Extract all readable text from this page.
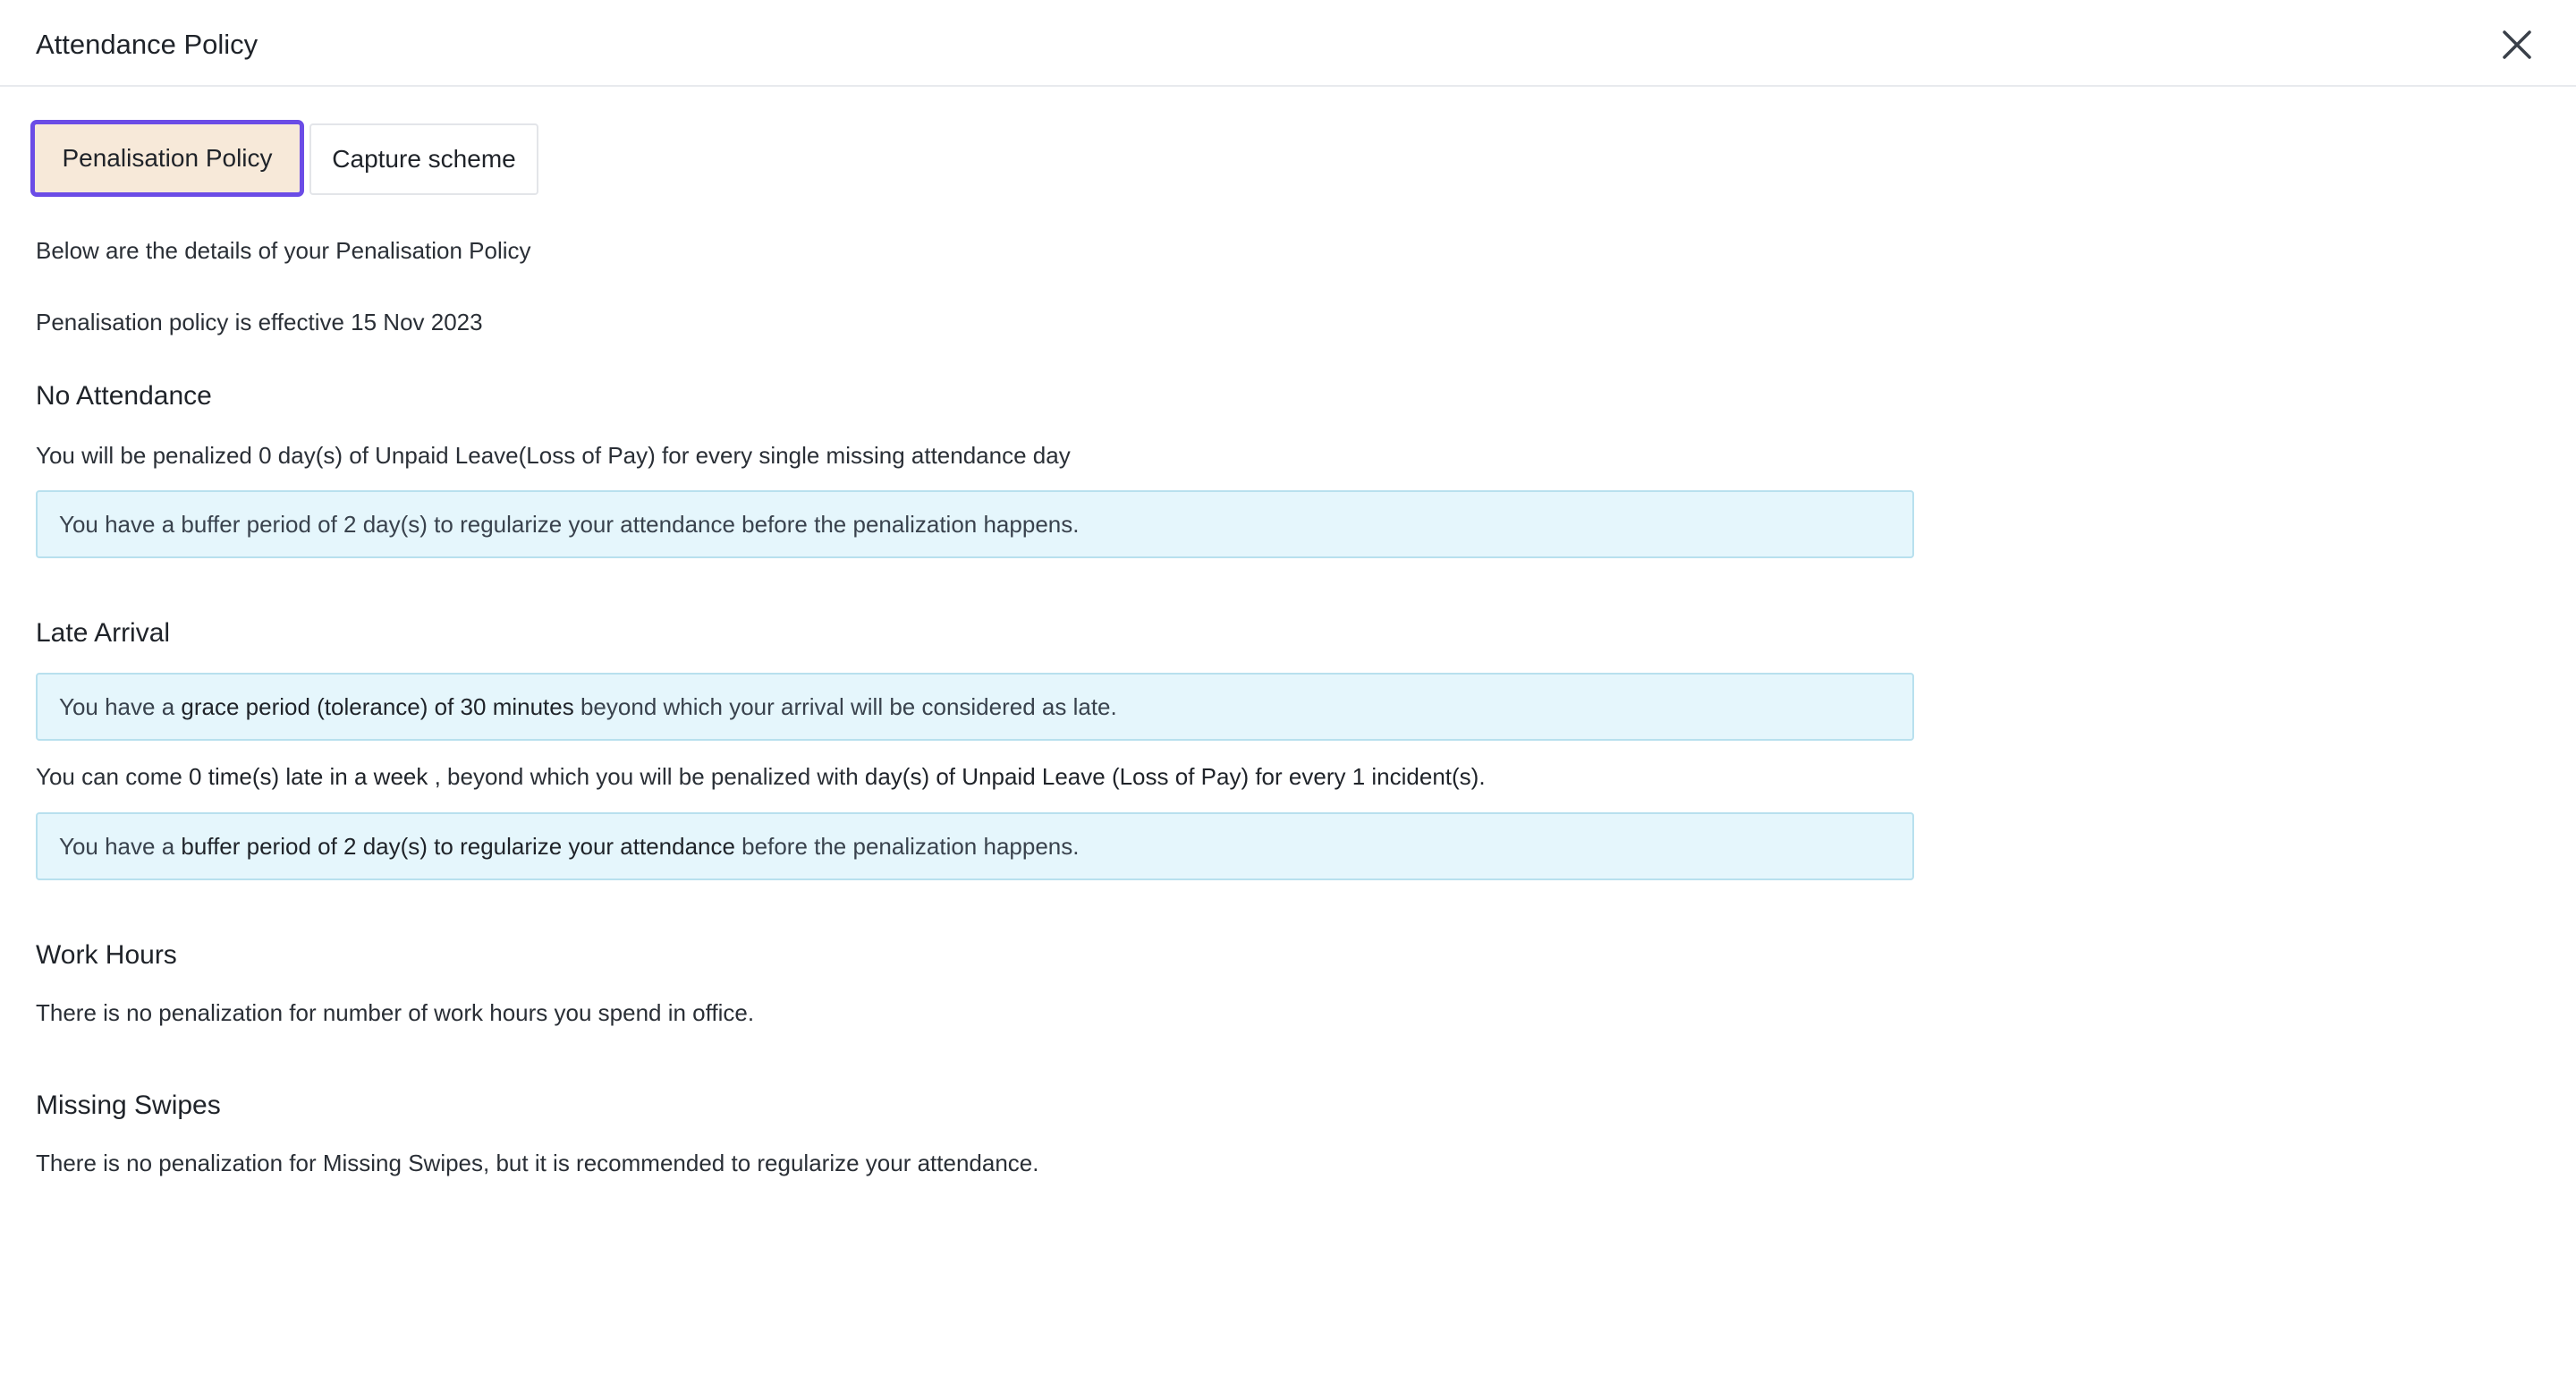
Attendance Policy
Penalisation Policy	Capture scheme
Below are the details of your Penalisation Policy
Penalisation policy is effective 15 Nov 2023
No Attendance
You will be penalized 0 day(s) of Unpaid Leave(Loss of Pay) for every single missing attendance day
You have a buffer period of 2 day(s) to regularize your attendance before the penalization happens.
Late Arrival
You have a grace period (tolerance) of 30 minutes beyond which your arrival will be considered as late.
You can come 0 time(s) late in a week , beyond which you will be penalized with day(s) of Unpaid Leave (Loss of Pay) for every 1 incident(s).
You have a buffer period of 2 day(s) to regularize your attendance before the penalization happens.
Work Hours
There is no penalization for number of work hours you spend in office.
Missing Swipes
There is no penalization for Missing Swipes, but it is recommended to regularize your attendance.
